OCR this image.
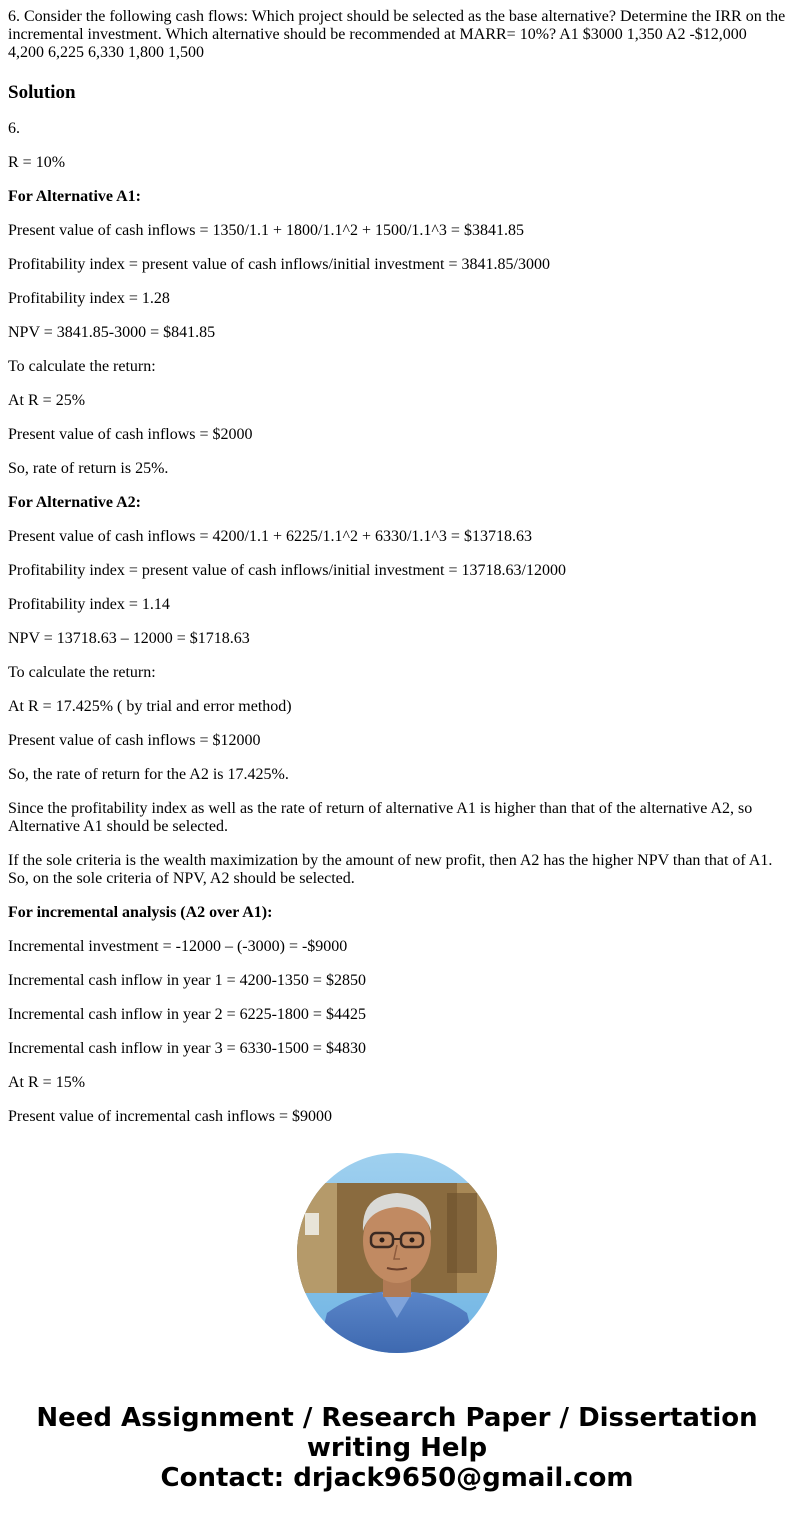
6. Consider the following cash flows: Which project should be selected as the base alternative? Determine the IRR on the incremental investment. Which alternative should be recommended at MARR= 10%? A1 $3000 1,350 A2 -$12,000 4,200 6,225 6,330 1,800 1,500

Solution

6.

R = 10%

For Alternative A1:

Present value of cash inflows = 1350/1.1 + 1800/1.1^2 + 1500/1.1^3 = $3841.85

Profitability index = present value of cash inflows/initial investment = 3841.85/3000

Profitability index = 1.28

NPV = 3841.85-3000 = $841.85

To calculate the return:

At R = 25%

Present value of cash inflows = $2000

So, rate of return is 25%.

For Alternative A2:

Present value of cash inflows = 4200/1.1 + 6225/1.1^2 + 6330/1.1^3 = $13718.63

Profitability index = present value of cash inflows/initial investment = 13718.63/12000

Profitability index = 1.14

NPV = 13718.63 – 12000 = $1718.63

To calculate the return:

At R = 17.425% ( by trial and error method)

Present value of cash inflows = $12000

So, the rate of return for the A2 is 17.425%.

Since the profitability index as well as the rate of return of alternative A1 is higher than that of the alternative A2, so Alternative A1 should be selected.

If the sole criteria is the wealth maximization by the amount of new profit, then A2 has the higher NPV than that of A1. So, on the sole criteria of NPV, A2 should be selected.

For incremental analysis (A2 over A1):

Incremental investment = -12000 – (-3000) = -$9000

Incremental cash inflow in year 1 = 4200-1350 = $2850

Incremental cash inflow in year 2 = 6225-1800 = $4425

Incremental cash inflow in year 3 = 6330-1500 = $4830

At R = 15%

Present value of incremental cash inflows = $9000

Need Assignment / Research Paper / Dissertation
writing Help
Contact: drjack9650@gmail.com
